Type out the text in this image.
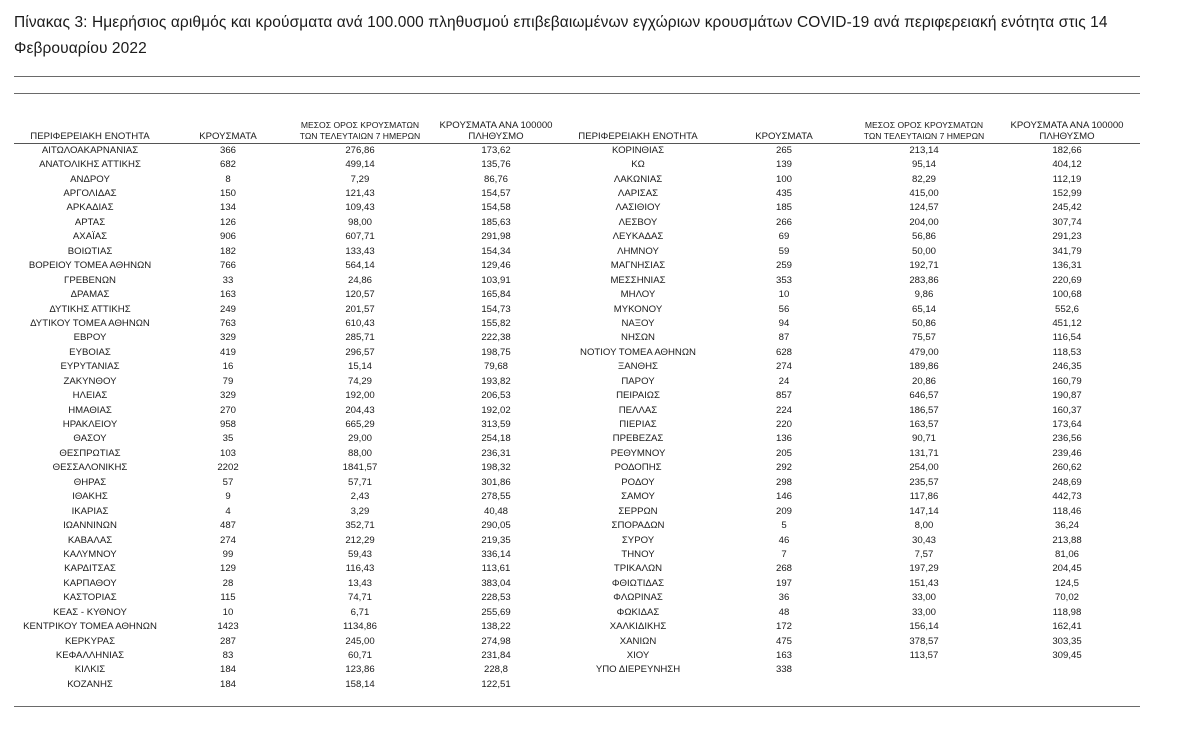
Πίνακας 3: Ημερήσιος αριθμός και κρούσματα ανά 100.000 πληθυσμού επιβεβαιωμένων εγχώριων κρουσμάτων COVID-19 ανά περιφερειακή ενότητα στις 14 Φεβρουαρίου 2022
ΠΕΡΙΦΕΡΕΙΑΚΗ ΕΝΟΤΗΤΑ	ΚΡΟΥΣΜΑΤΑ	ΜΕΣΟΣ ΟΡΟΣ ΚΡΟΥΣΜΑΤΩΝ
ΤΩΝ ΤΕΛΕΥΤΑΙΩΝ 7 ΗΜΕΡΩΝ	ΚΡΟΥΣΜΑΤΑ ΑΝΑ 100000
ΠΛΗΘΥΣΜΟ	ΠΕΡΙΦΕΡΕΙΑΚΗ ΕΝΟΤΗΤΑ	ΚΡΟΥΣΜΑΤΑ	ΜΕΣΟΣ ΟΡΟΣ ΚΡΟΥΣΜΑΤΩΝ
ΤΩΝ ΤΕΛΕΥΤΑΙΩΝ 7 ΗΜΕΡΩΝ	ΚΡΟΥΣΜΑΤΑ ΑΝΑ 100000
ΠΛΗΘΥΣΜΟ
ΑΙΤΩΛΟΑΚΑΡΝΑΝΙΑΣ	366	276,86	173,62	ΚΟΡΙΝΘΙΑΣ	265	213,14	182,66
ΑΝΑΤΟΛΙΚΗΣ ΑΤΤΙΚΗΣ	682	499,14	135,76	ΚΩ	139	95,14	404,12
ΑΝΔΡΟΥ	8	7,29	86,76	ΛΑΚΩΝΙΑΣ	100	82,29	112,19
ΑΡΓΟΛΙΔΑΣ	150	121,43	154,57	ΛΑΡΙΣΑΣ	435	415,00	152,99
ΑΡΚΑΔΙΑΣ	134	109,43	154,58	ΛΑΣΙΘΙΟΥ	185	124,57	245,42
ΑΡΤΑΣ	126	98,00	185,63	ΛΕΣΒΟΥ	266	204,00	307,74
ΑΧΑΪΑΣ	906	607,71	291,98	ΛΕΥΚΑΔΑΣ	69	56,86	291,23
ΒΟΙΩΤΙΑΣ	182	133,43	154,34	ΛΗΜΝΟΥ	59	50,00	341,79
ΒΟΡΕΙΟΥ ΤΟΜΕΑ ΑΘΗΝΩΝ	766	564,14	129,46	ΜΑΓΝΗΣΙΑΣ	259	192,71	136,31
ΓΡΕΒΕΝΩΝ	33	24,86	103,91	ΜΕΣΣΗΝΙΑΣ	353	283,86	220,69
ΔΡΑΜΑΣ	163	120,57	165,84	ΜΗΛΟΥ	10	9,86	100,68
ΔΥΤΙΚΗΣ ΑΤΤΙΚΗΣ	249	201,57	154,73	ΜΥΚΟΝΟΥ	56	65,14	552,6
ΔΥΤΙΚΟΥ ΤΟΜΕΑ ΑΘΗΝΩΝ	763	610,43	155,82	ΝΑΞΟΥ	94	50,86	451,12
ΕΒΡΟΥ	329	285,71	222,38	ΝΗΣΩΝ	87	75,57	116,54
ΕΥΒΟΙΑΣ	419	296,57	198,75	ΝΟΤΙΟΥ ΤΟΜΕΑ ΑΘΗΝΩΝ	628	479,00	118,53
ΕΥΡΥΤΑΝΙΑΣ	16	15,14	79,68	ΞΑΝΘΗΣ	274	189,86	246,35
ΖΑΚΥΝΘΟΥ	79	74,29	193,82	ΠΑΡΟΥ	24	20,86	160,79
ΗΛΕΙΑΣ	329	192,00	206,53	ΠΕΙΡΑΙΩΣ	857	646,57	190,87
ΗΜΑΘΙΑΣ	270	204,43	192,02	ΠΕΛΛΑΣ	224	186,57	160,37
ΗΡΑΚΛΕΙΟΥ	958	665,29	313,59	ΠΙΕΡΙΑΣ	220	163,57	173,64
ΘΑΣΟΥ	35	29,00	254,18	ΠΡΕΒΕΖΑΣ	136	90,71	236,56
ΘΕΣΠΡΩΤΙΑΣ	103	88,00	236,31	ΡΕΘΥΜΝΟΥ	205	131,71	239,46
ΘΕΣΣΑΛΟΝΙΚΗΣ	2202	1841,57	198,32	ΡΟΔΟΠΗΣ	292	254,00	260,62
ΘΗΡΑΣ	57	57,71	301,86	ΡΟΔΟΥ	298	235,57	248,69
ΙΘΑΚΗΣ	9	2,43	278,55	ΣΑΜΟΥ	146	117,86	442,73
ΙΚΑΡΙΑΣ	4	3,29	40,48	ΣΕΡΡΩΝ	209	147,14	118,46
ΙΩΑΝΝΙΝΩΝ	487	352,71	290,05	ΣΠΟΡΑΔΩΝ	5	8,00	36,24
ΚΑΒΑΛΑΣ	274	212,29	219,35	ΣΥΡΟΥ	46	30,43	213,88
ΚΑΛΥΜΝΟΥ	99	59,43	336,14	ΤΗΝΟΥ	7	7,57	81,06
ΚΑΡΔΙΤΣΑΣ	129	116,43	113,61	ΤΡΙΚΑΛΩΝ	268	197,29	204,45
ΚΑΡΠΑΘΟΥ	28	13,43	383,04	ΦΘΙΩΤΙΔΑΣ	197	151,43	124,5
ΚΑΣΤΟΡΙΑΣ	115	74,71	228,53	ΦΛΩΡΙΝΑΣ	36	33,00	70,02
ΚΕΑΣ - ΚΥΘΝΟΥ	10	6,71	255,69	ΦΩΚΙΔΑΣ	48	33,00	118,98
ΚΕΝΤΡΙΚΟΥ ΤΟΜΕΑ ΑΘΗΝΩΝ	1423	1134,86	138,22	ΧΑΛΚΙΔΙΚΗΣ	172	156,14	162,41
ΚΕΡΚΥΡΑΣ	287	245,00	274,98	ΧΑΝΙΩΝ	475	378,57	303,35
ΚΕΦΑΛΛΗΝΙΑΣ	83	60,71	231,84	ΧΙΟΥ	163	113,57	309,45
ΚΙΛΚΙΣ	184	123,86	228,8	ΥΠΟ ΔΙΕΡΕΥΝΗΣΗ	338		
ΚΟΖΑΝΗΣ	184	158,14	122,51				
